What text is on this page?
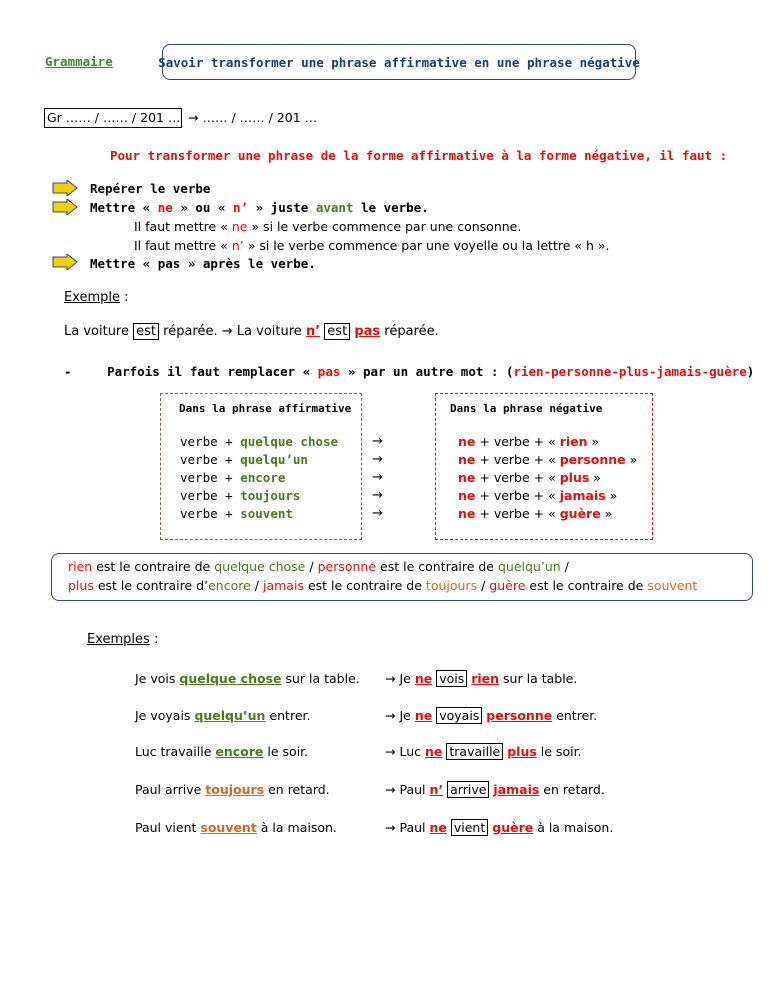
Grammaire	Savoir transformer une phrase affirmative en une phrase négative
Gr …… / …… / 201 … → …… / …… / 201 …
Pour transformer une phrase de la forme affirmative à la forme négative, il faut :
Repérer le verbe
Mettre « ne » ou « n’ » juste avant le verbe.
Il faut mettre « ne » si le verbe commence par une consonne.
Il faut mettre « n’ » si le verbe commence par une voyelle ou la lettre « h ».
Mettre « pas » après le verbe.
Exemple :
La voiture est réparée. → La voiture n’ est pas réparée.
-	Parfois il faut remplacer « pas » par un autre mot : (rien-personne-plus-jamais-guère)
Dans la phrase affirmative	Dans la phrase négative
verbe + quelque chose	→	ne + verbe + « rien »
verbe + quelqu’un	→	ne + verbe + « personne »
verbe + encore	→	ne + verbe + « plus »
verbe + toujours	→	ne + verbe + « jamais »
verbe + souvent	→	ne + verbe + « guère »
rien est le contraire de quelque chose / personne est le contraire de quelqu’un /
plus est le contraire d’encore / jamais est le contraire de toujours / guère est le contraire de souvent
Exemples :
Je vois quelque chose sur la table. → Je ne vois rien sur la table.
Je voyais quelqu’un entrer.	→ Je ne voyais personne entrer.
Luc travaille encore le soir.	→ Luc ne travaille plus le soir.
Paul arrive toujours en retard.	→ Paul n’ arrive jamais en retard.
Paul vient souvent à la maison.	→ Paul ne vient guère à la maison.
